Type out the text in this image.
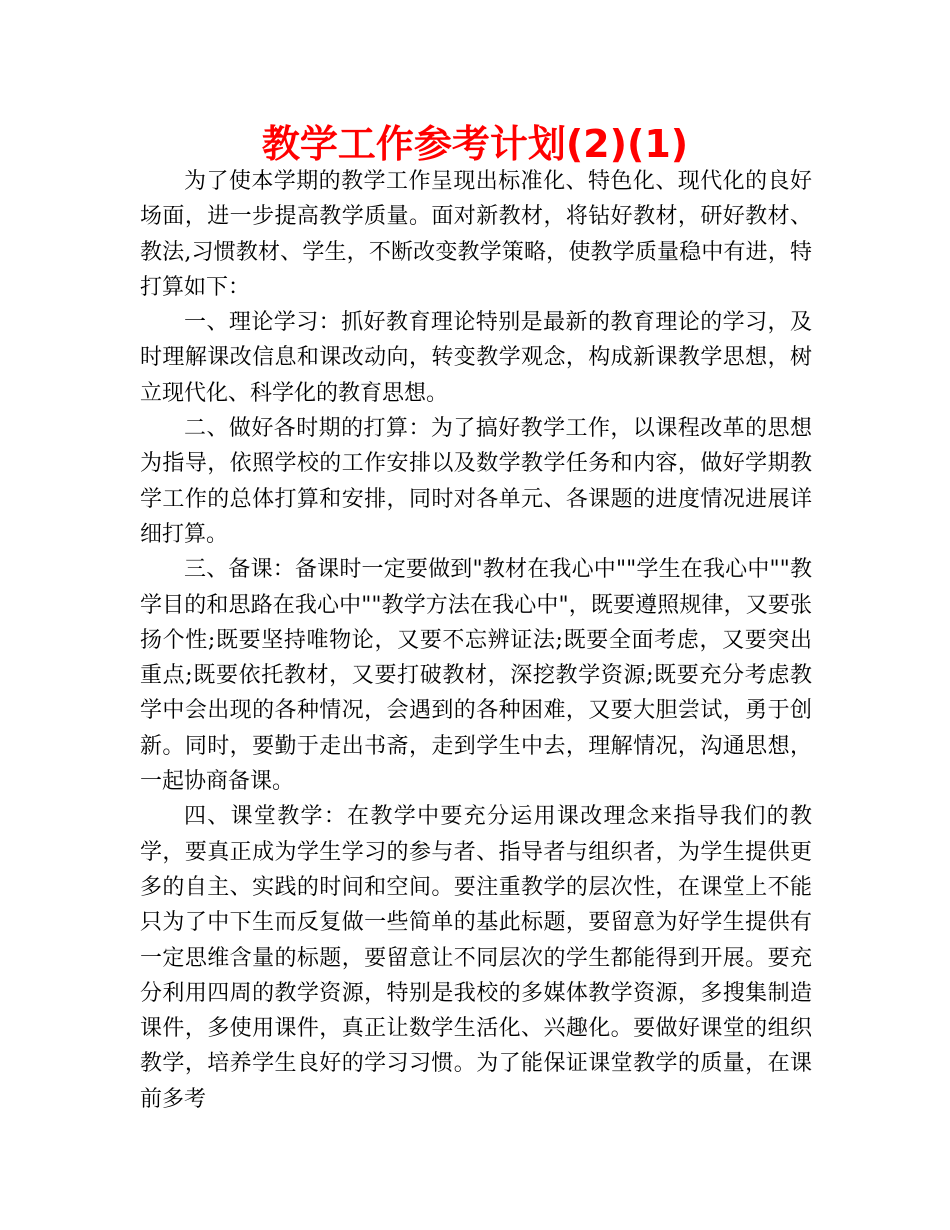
教学工作参考计划(2)(1)

为了使本学期的教学工作呈现出标准化、特色化、现代化的良好场面，进一步提高教学质量。面对新教材，将钻好教材，研好教材、教法,习惯教材、学生，不断改变教学策略，使教学质量稳中有进，特打算如下：

一、理论学习：抓好教育理论特别是最新的教育理论的学习，及时理解课改信息和课改动向，转变教学观念，构成新课教学思想，树立现代化、科学化的教育思想。

二、做好各时期的打算：为了搞好教学工作，以课程改革的思想为指导，依照学校的工作安排以及数学教学任务和内容，做好学期教学工作的总体打算和安排，同时对各单元、各课题的进度情况进展详细打算。

三、备课：备课时一定要做到"教材在我心中""学生在我心中""教学目的和思路在我心中""教学方法在我心中"，既要遵照规律，又要张扬个性;既要坚持唯物论，又要不忘辨证法;既要全面考虑，又要突出重点;既要依托教材，又要打破教材，深挖教学资源;既要充分考虑教学中会出现的各种情况，会遇到的各种困难，又要大胆尝试，勇于创新。同时，要勤于走出书斋，走到学生中去，理解情况，沟通思想，一起协商备课。

四、课堂教学：在教学中要充分运用课改理念来指导我们的教学，要真正成为学生学习的参与者、指导者与组织者，为学生提供更多的自主、实践的时间和空间。要注重教学的层次性，在课堂上不能只为了中下生而反复做一些简单的基此标题，要留意为好学生提供有一定思维含量的标题，要留意让不同层次的学生都能得到开展。要充分利用四周的教学资源，特别是我校的多媒体教学资源，多搜集制造课件，多使用课件，真正让数学生活化、兴趣化。要做好课堂的组织教学，培养学生良好的学习习惯。为了能保证课堂教学的质量，在课前多考
